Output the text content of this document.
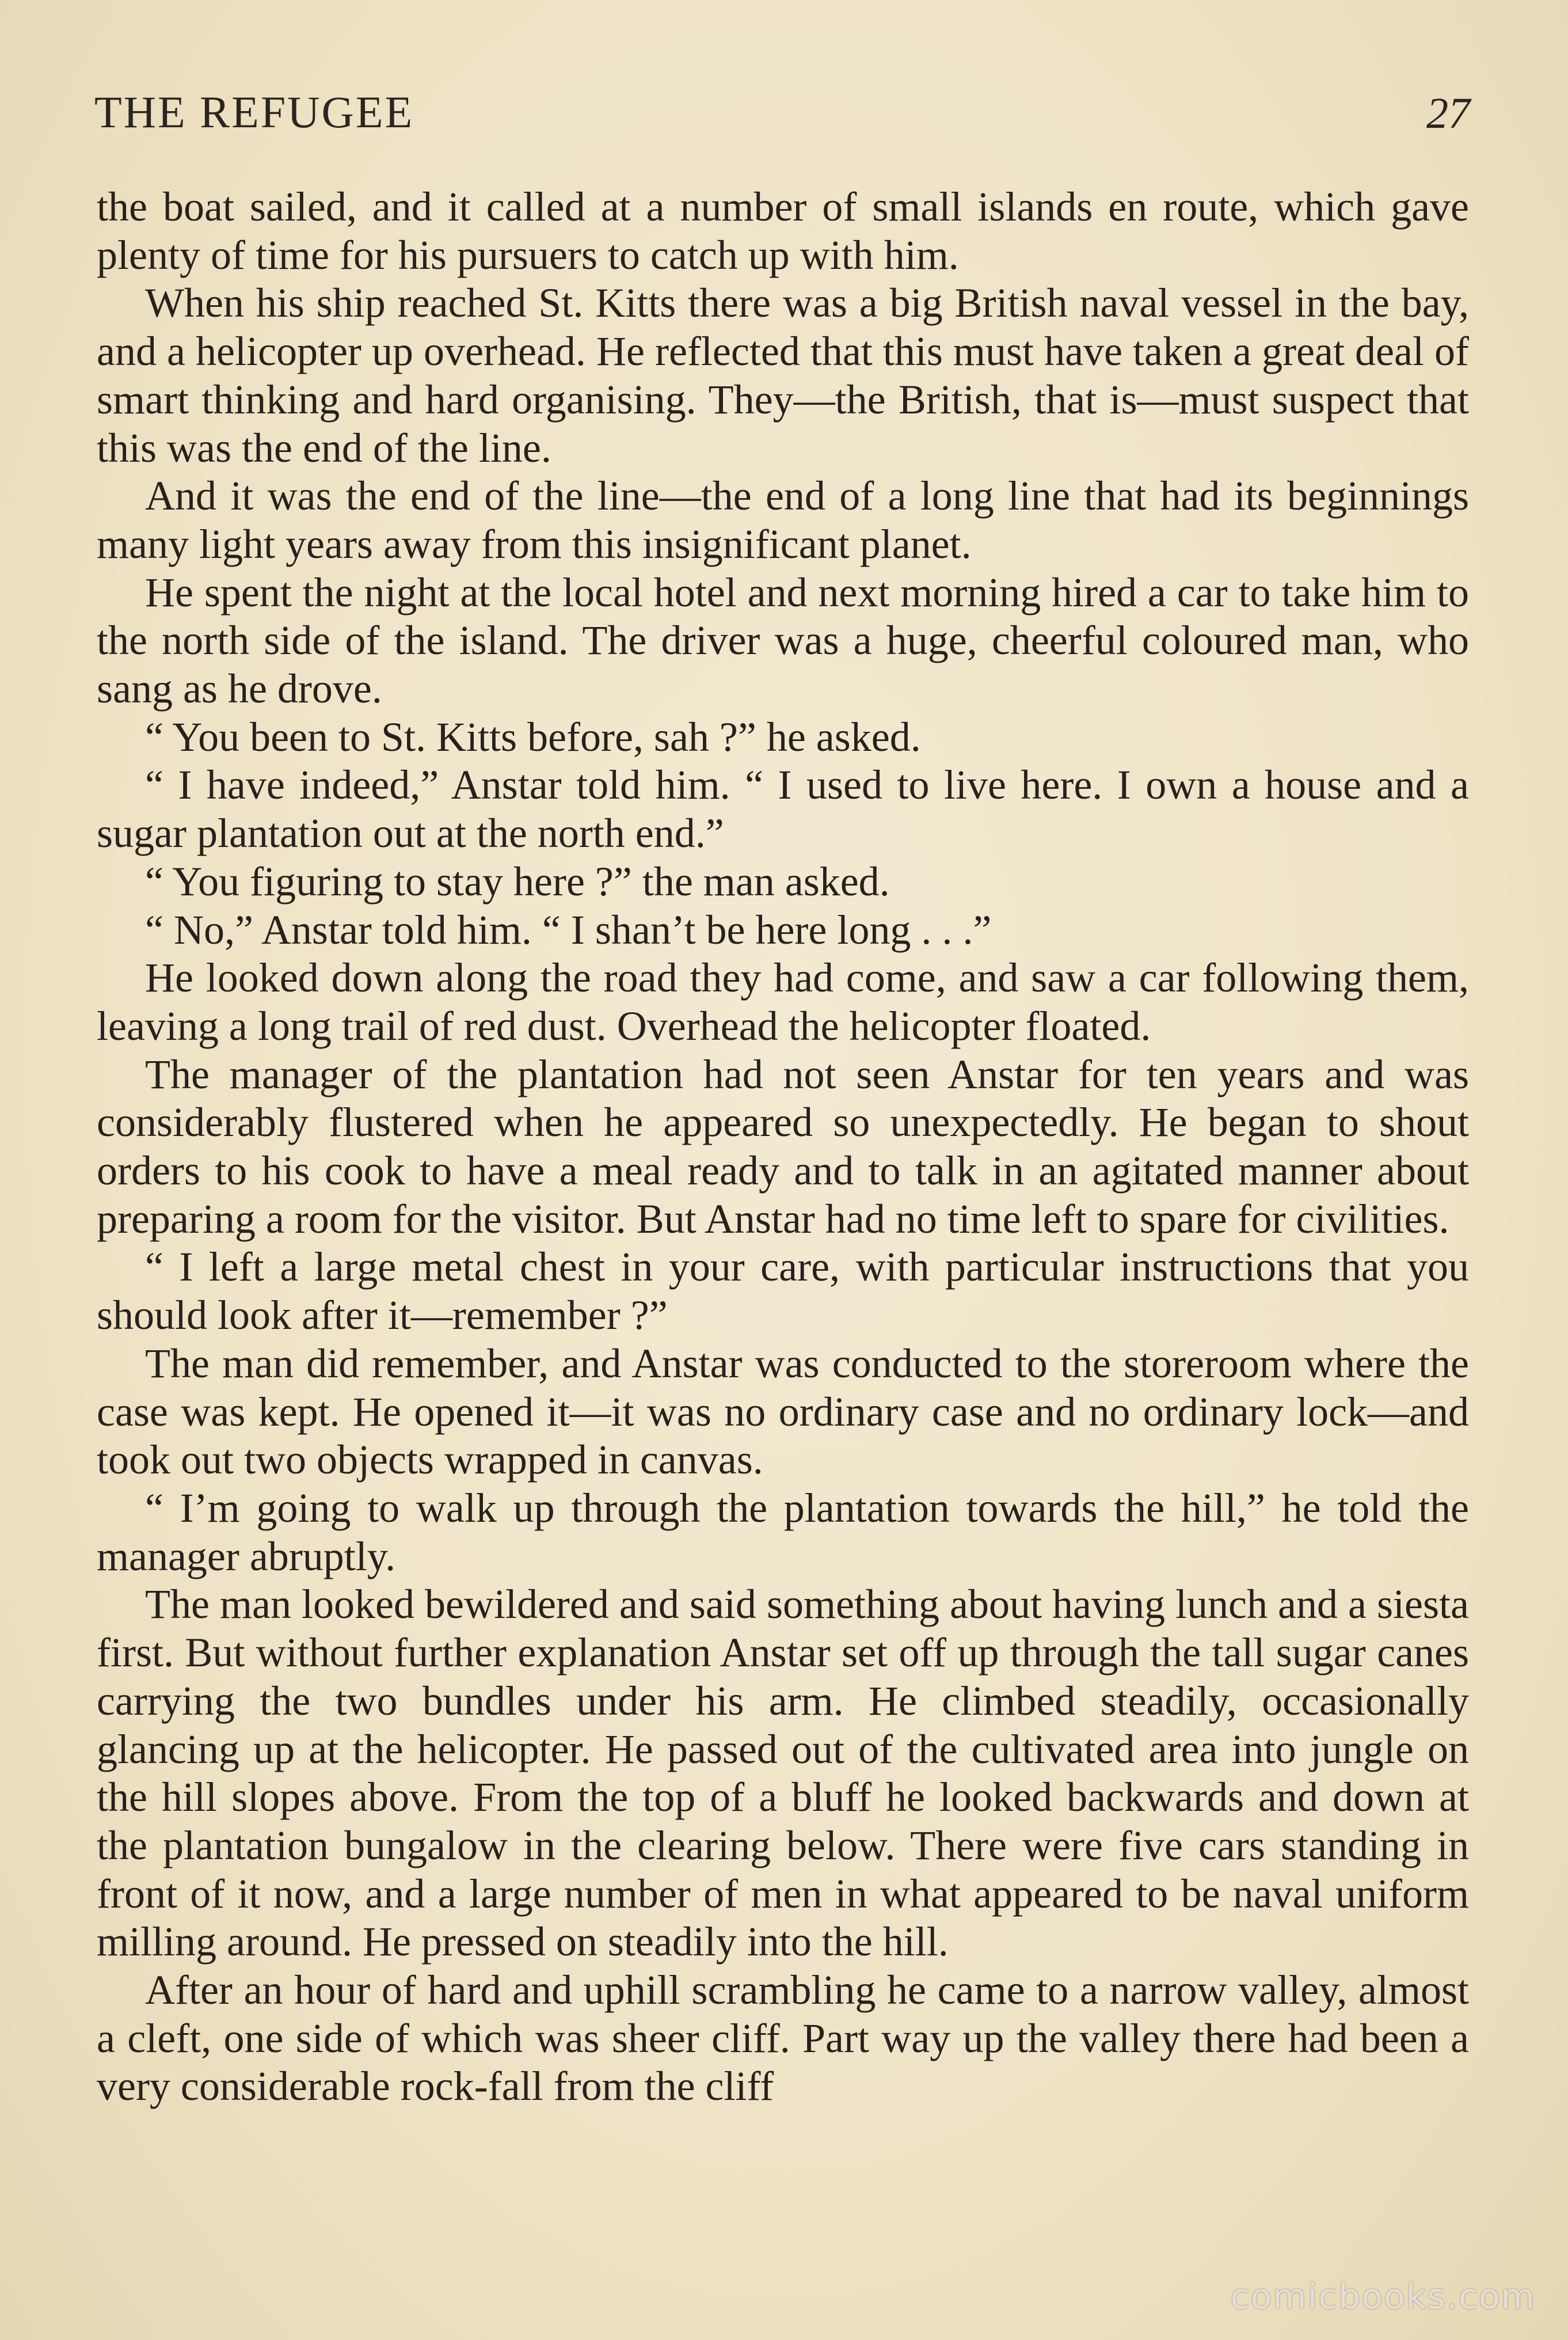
THE REFUGEE	27

the boat sailed, and it called at a number of small islands en route, which gave plenty of time for his pursuers to catch up with him.

When his ship reached St. Kitts there was a big British naval vessel in the bay, and a helicopter up overhead. He reflected that this must have taken a great deal of smart thinking and hard organising. They—the British, that is—must suspect that this was the end of the line.

And it was the end of the line—the end of a long line that had its beginnings many light years away from this insignificant planet.

He spent the night at the local hotel and next morning hired a car to take him to the north side of the island. The driver was a huge, cheerful coloured man, who sang as he drove.

“ You been to St. Kitts before, sah ?” he asked.

“ I have indeed,” Anstar told him. “ I used to live here. I own a house and a sugar plantation out at the north end.”

“ You figuring to stay here ?” the man asked.

“ No,” Anstar told him. “ I shan’t be here long . . .”

He looked down along the road they had come, and saw a car following them, leaving a long trail of red dust. Overhead the helicopter floated.

The manager of the plantation had not seen Anstar for ten years and was considerably flustered when he appeared so unexpectedly. He began to shout orders to his cook to have a meal ready and to talk in an agitated manner about preparing a room for the visitor. But Anstar had no time left to spare for civilities.

“ I left a large metal chest in your care, with particular instructions that you should look after it—remember ?”

The man did remember, and Anstar was conducted to the storeroom where the case was kept. He opened it—it was no ordinary case and no ordinary lock—and took out two objects wrapped in canvas.

“ I’m going to walk up through the plantation towards the hill,” he told the manager abruptly.

The man looked bewildered and said something about having lunch and a siesta first. But without further explanation Anstar set off up through the tall sugar canes carrying the two bundles under his arm. He climbed steadily, occasionally glancing up at the helicopter. He passed out of the cultivated area into jungle on the hill slopes above. From the top of a bluff he looked backwards and down at the plantation bungalow in the clearing below. There were five cars standing in front of it now, and a large number of men in what appeared to be naval uniform milling around. He pressed on steadily into the hill.

After an hour of hard and uphill scrambling he came to a narrow valley, almost a cleft, one side of which was sheer cliff. Part way up the valley there had been a very considerable rock-fall from the cliff

comicbooks.com
